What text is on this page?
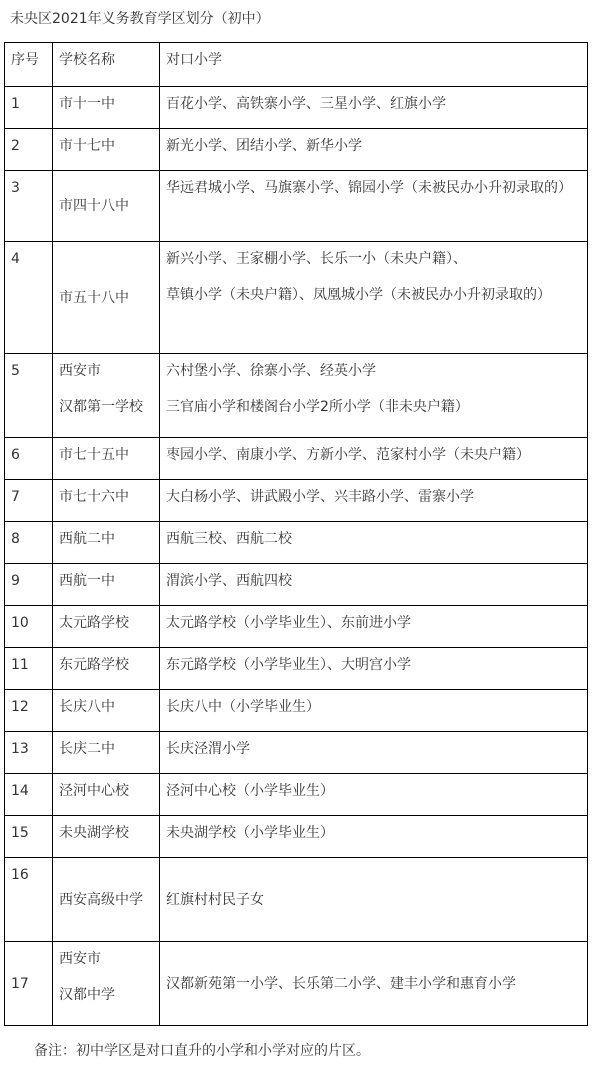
未央区2021年义务教育学区划分（初中）
序号	学校名称	对口小学
1	市十一中	百花小学、高铁寨小学、三星小学、红旗小学
2	市十七中	新光小学、团结小学、新华小学
3	市四十八中	华远君城小学、马旗寨小学、锦园小学（未被民办小升初录取的）
4	市五十八中	新兴小学、王家棚小学、长乐一小（未央户籍）、
草镇小学（未央户籍）、凤凰城小学（未被民办小升初录取的）

5	西安市
汉都第一学校	六村堡小学、徐寨小学、经英小学
三官庙小学和楼阁台小学2所小学（非未央户籍）

6	市七十五中	枣园小学、南康小学、方新小学、范家村小学（未央户籍）
7	市七十六中	大白杨小学、讲武殿小学、兴丰路小学、雷寨小学
8	西航二中	西航三校、西航二校
9	西航一中	渭滨小学、西航四校
10	太元路学校	太元路学校（小学毕业生）、东前进小学
11	东元路学校	东元路学校（小学毕业生）、大明宫小学
12	长庆八中	长庆八中（小学毕业生）
13	长庆二中	长庆泾渭小学
14	泾河中心校	泾河中心校（小学毕业生）
15	未央湖学校	未央湖学校（小学毕业生）
16	西安高级中学	红旗村村民子女
17	西安市
汉都中学	汉都新苑第一小学、长乐第二小学、建丰小学和惠育小学
备注：初中学区是对口直升的小学和小学对应的片区。
